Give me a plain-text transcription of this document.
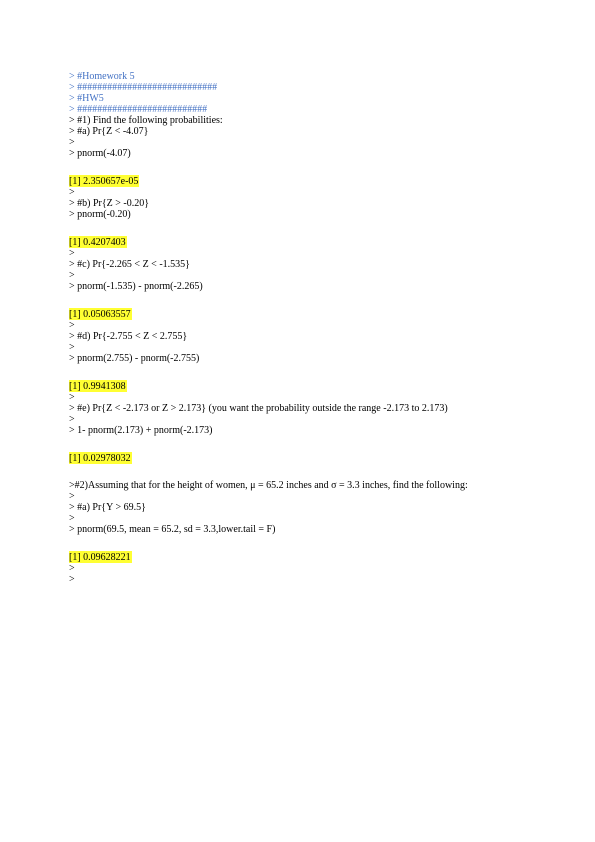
> #Homework 5
> ############################
> #HW5
> ##########################
> #1) Find the following probabilities:
> #a) Pr{Z < -4.07}
>
> pnorm(-4.07)
[1] 2.350657e-05
>
> #b) Pr{Z > -0.20}
> pnorm(-0.20)
[1] 0.4207403
>
> #c) Pr{-2.265 < Z < -1.535}
>
> pnorm(-1.535) - pnorm(-2.265)
[1] 0.05063557
>
> #d) Pr{-2.755 < Z < 2.755}
>
> pnorm(2.755) - pnorm(-2.755)
[1] 0.9941308
>
> #e) Pr{Z < -2.173 or Z > 2.173} (you want the probability outside the range -2.173 to 2.173)
>
> 1- pnorm(2.173) + pnorm(-2.173)
[1] 0.02978032
>#2)Assuming that for the height of women, μ = 65.2 inches and σ = 3.3 inches, find the following:
>
> #a) Pr{Y > 69.5}
>
> pnorm(69.5, mean = 65.2, sd = 3.3,lower.tail = F)
[1] 0.09628221
>
>
